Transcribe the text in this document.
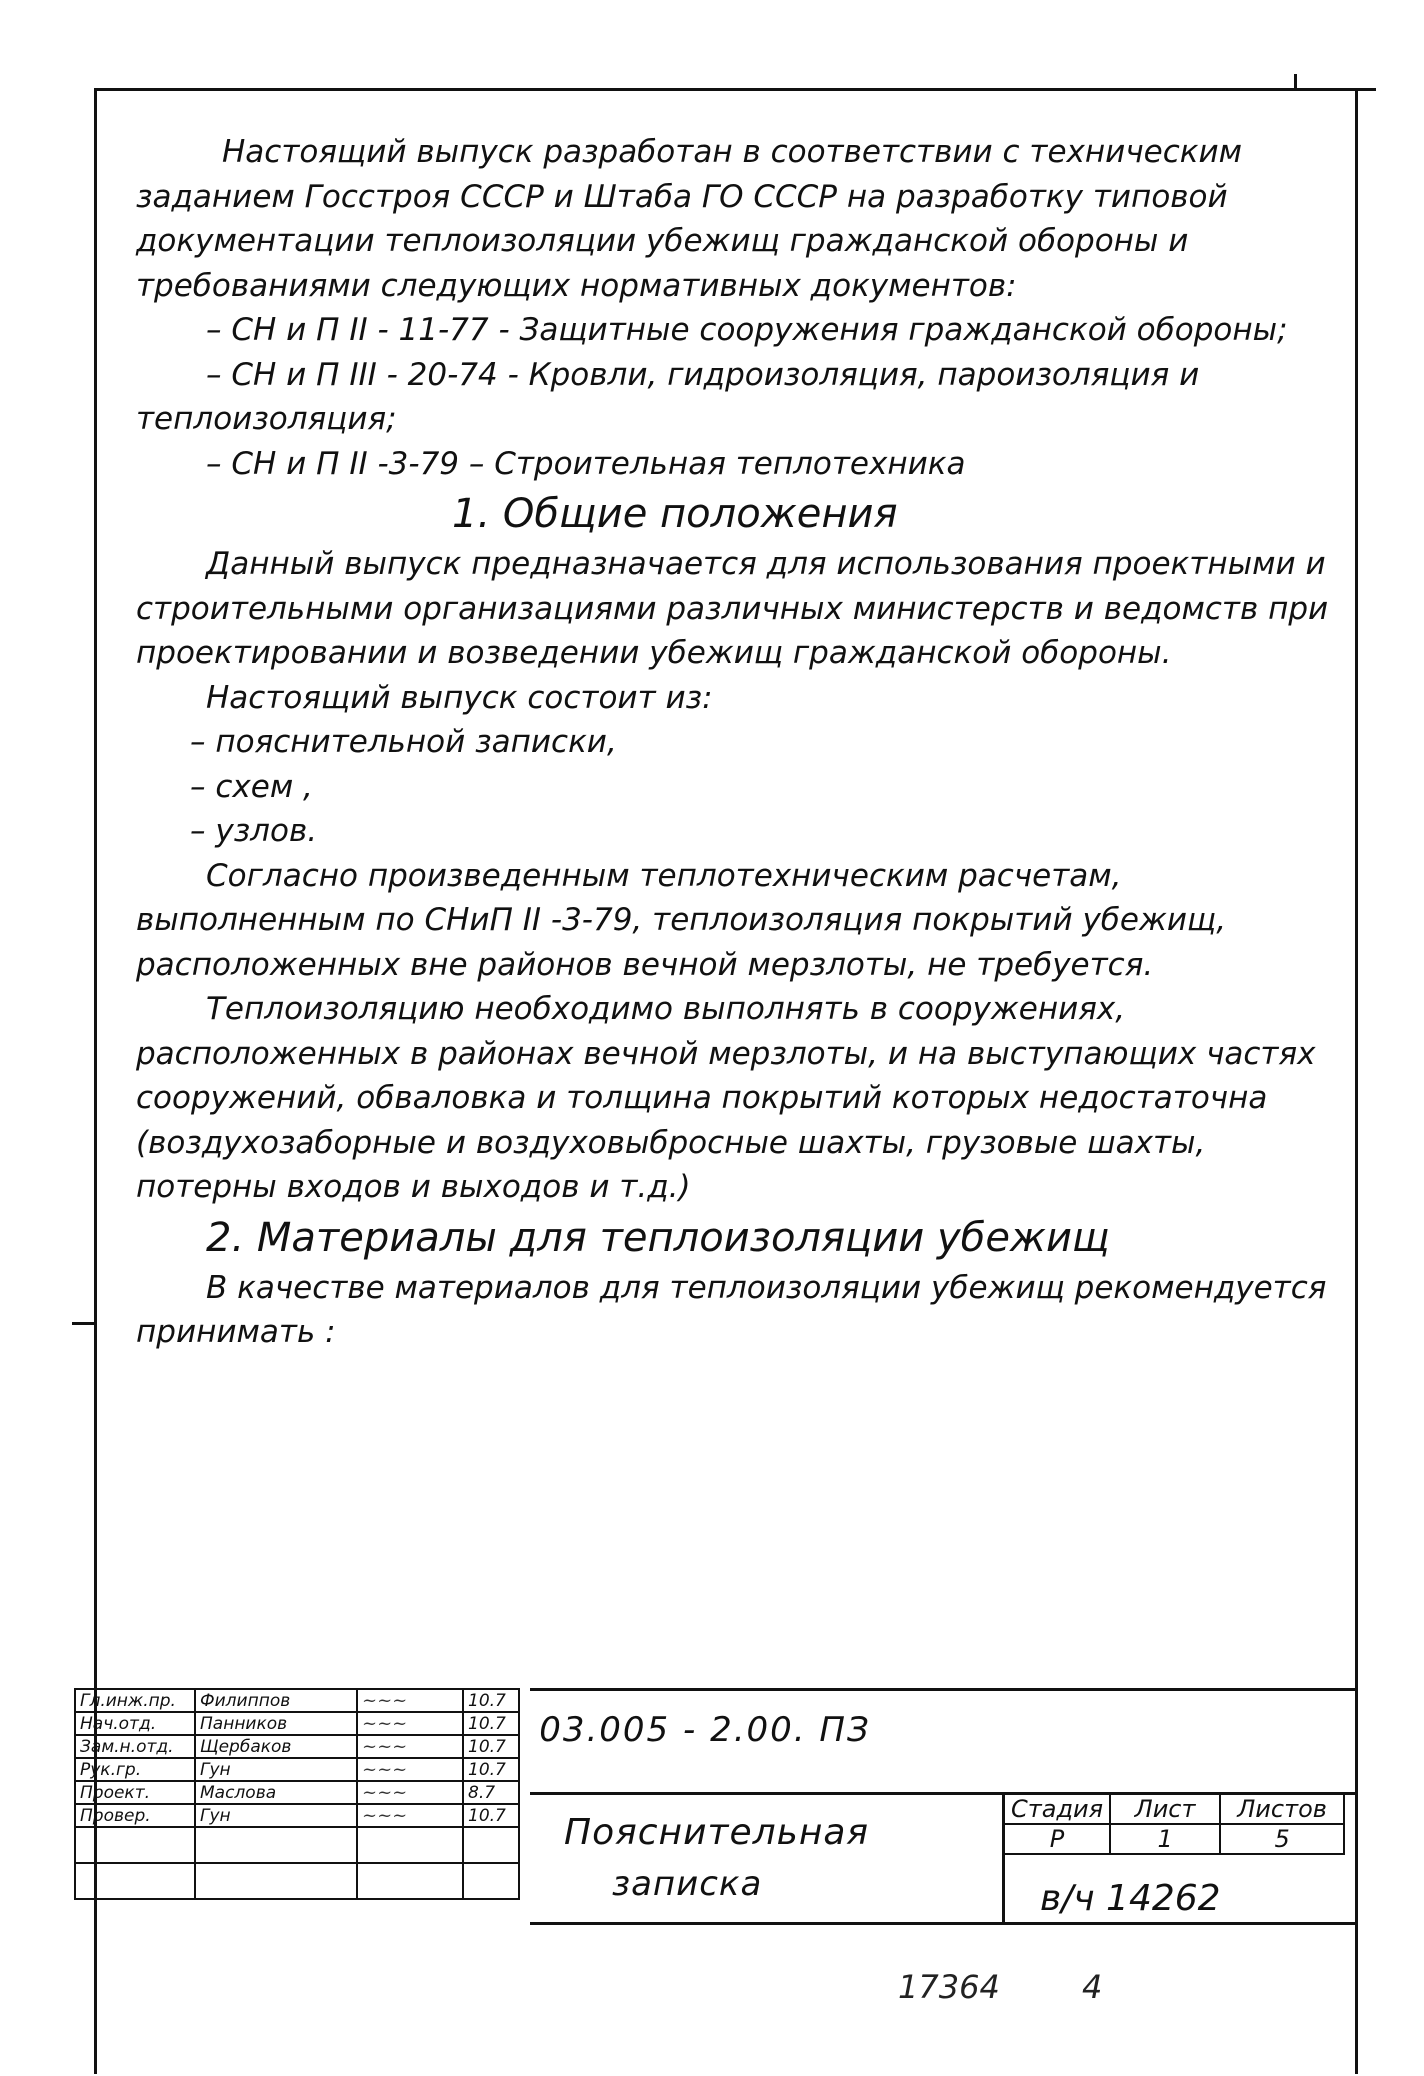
Настоящий выпуск разработан в соответствии с техническим заданием Госстроя СССР и Штаба ГО СССР на разработку типовой документации теплоизоляции убежищ гражданской обороны и требованиями следующих нормативных документов:

– СН и П II - 11-77 - Защитные сооружения гражданской обороны;

– СН и П III - 20-74 - Кровли, гидроизоляция, пароизоляция и теплоизоляция;

– СН и П II -3-79 – Строительная теплотехника

1. Общие положения

Данный выпуск предназначается для использования проектными и строительными организациями различных министерств и ведомств при проектировании и возведении убежищ гражданской обороны.

Настоящий выпуск состоит из:

– пояснительной записки,

– схем ,

– узлов.

Согласно произведенным теплотехническим расчетам, выполненным по СНиП II -3-79, теплоизоляция покрытий убежищ, расположенных вне районов вечной мерзлоты, не требуется.

Теплоизоляцию необходимо выполнять в сооружениях, расположенных в районах вечной мерзлоты, и на выступающих частях сооружений, обваловка и толщина покрытий которых недостаточна (воздухозаборные и воздуховыбросные шахты, грузовые шахты, потерны входов и выходов и т.д.)

2. Материалы для теплоизоляции убежищ

В качестве материалов для теплоизоляции убежищ рекомендуется принимать :

Гл.инж.пр.	Филиппов	~~~	10.7
Нач.отд.	Панников	~~~	10.7
Зам.н.отд.	Щербаков	~~~	10.7
Рук.гр.	Гун	~~~	10.7
Проект.	Маслова	~~~	8.7
Провер.	Гун	~~~	10.7

03.005 - 2.00. ПЗ
Пояснительная
записка
Стадия	Лист	Листов
Р	1	5
в/ч 14262
17364	4
